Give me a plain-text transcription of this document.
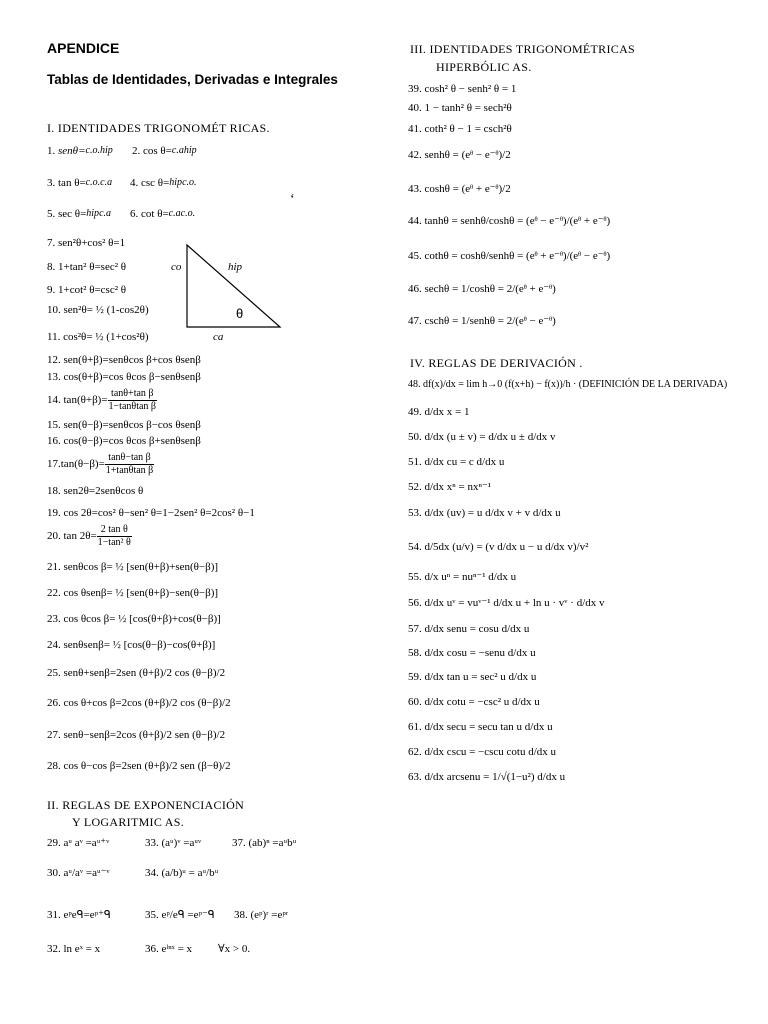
APENDICE
Tablas de Identidades, Derivadas e Integrales
I. IDENTIDADES TRIGONOMÉT RICAS.
1. senθ=c.o.hip 2. cos θ=c.ahip
3. tan θ=c.o.c.a 4. csc θ=hipc.o.
5. sec θ=hipc.a 6. cot θ=c.ac.o.
ʻ
7. sen²θ+cos² θ=1
8. 1+tan² θ=sec² θ
9. 1+cot² θ=csc² θ
10. sen²θ= ½ (1-cos2θ)
11. cos²θ= ½ (1+cos²θ)
co	hip
ca
θ
12. sen(θ+β)=senθcos β+cos θsenβ
13. cos(θ+β)=cos θcos β−senθsenβ
14. $\tan(\theta+\beta)= \frac{\text{tanθ+tan β}}{\text{1−tanθtan β}}$
15. sen(θ−β)=senθcos β−cos θsenβ
16. cos(θ−β)=cos θcos β+senθsenβ
$17.\tan(\theta-\beta)= \frac{\text{tanθ−tan β}}{\text{1+tanθtan β}}$
18. sen2θ=2senθcos θ
19. cos 2θ=cos² θ−sen² θ=1−2sen² θ=2cos² θ−1
20. $\tan 2\theta= \frac{\text{2 tan θ}}{\text{1−tan² θ}}$
21. senθcos β= ½ [sen(θ+β)+sen(θ−β)]
22. cos θsenβ= ½ [sen(θ+β)−sen(θ−β)]
23. cos θcos β= ½ [cos(θ+β)+cos(θ−β)]
24. senθsenβ= ½ [cos(θ−β)−cos(θ+β)]
25. senθ+senβ=2sen (θ+β)/2 cos (θ−β)/2
26. cos θ+cos β=2cos (θ+β)/2 cos (θ−β)/2
27. senθ−senβ=2cos (θ+β)/2 sen (θ−β)/2
28. cos θ−cos β=2sen (θ+β)/2 sen (β−θ)/2
II. REGLAS DE EXPONENCIACIÓN
Y LOGARITMIC AS.
29. aᵘ aᵛ =aᵘ⁺ᵛ	33. (aᵘ)ᵛ =aᵘᵛ	37. (ab)ⁿ =aᵘbᵘ
30. aᵘ/aᵛ =aᵘ⁻ᵛ	34. (a/b)ᵘ = aᵘ/bᵘ
31. eᵖeᑫ=eᵖ⁺ᑫ	35. eᵖ/eᑫ =eᵖ⁻ᑫ 38. (eᵖ)ʳ =eᵖʳ
32. ln eˣ = x	36. eˡⁿˣ = x ∀x > 0.
III. IDENTIDADES TRIGONOMÉTRICAS
HIPERBÓLIC AS.
39. cosh² θ − senh² θ = 1
40. 1 − tanh² θ = sech²θ
41. coth² θ − 1 = csch²θ
42. senhθ = (eᶿ − e⁻ᶿ)/2
43. coshθ = (eᶿ + e⁻ᶿ)/2
44. tanhθ = senhθ/coshθ = (eᶿ − e⁻ᶿ)/(eᶿ + e⁻ᶿ)
45. cothθ = coshθ/senhθ = (eᶿ + e⁻ᶿ)/(eᶿ − e⁻ᶿ)
46. sechθ = 1/coshθ = 2/(eᶿ + e⁻ᶿ)
47. cschθ = 1/senhθ = 2/(eᶿ − e⁻ᶿ)
IV. REGLAS DE DERIVACIÓN .
48. df(x)/dx = lim h→0 (f(x+h) − f(x))/h · (DEFINICIÓN DE LA DERIVADA)
49. d/dx x = 1
50. d/dx (u ± v) = d/dx u ± d/dx v
51. d/dx cu = c d/dx u
52. d/dx xⁿ = nxⁿ⁻¹
53. d/dx (uv) = u d/dx v + v d/dx u
54. d/5dx (u/v) = (v d/dx u − u d/dx v)/v²
55. d/x uⁿ = nuⁿ⁻¹ d/dx u
56. d/dx uᵛ = vuᵛ⁻¹ d/dx u + ln u · vᵛ · d/dx v
57. d/dx senu = cosu d/dx u
58. d/dx cosu = −senu d/dx u
59. d/dx tan u = sec² u d/dx u
60. d/dx cotu = −csc² u d/dx u
61. d/dx secu = secu tan u d/dx u
62. d/dx cscu = −cscu cotu d/dx u
63. d/dx arcsenu = 1/√(1−u²) d/dx u
